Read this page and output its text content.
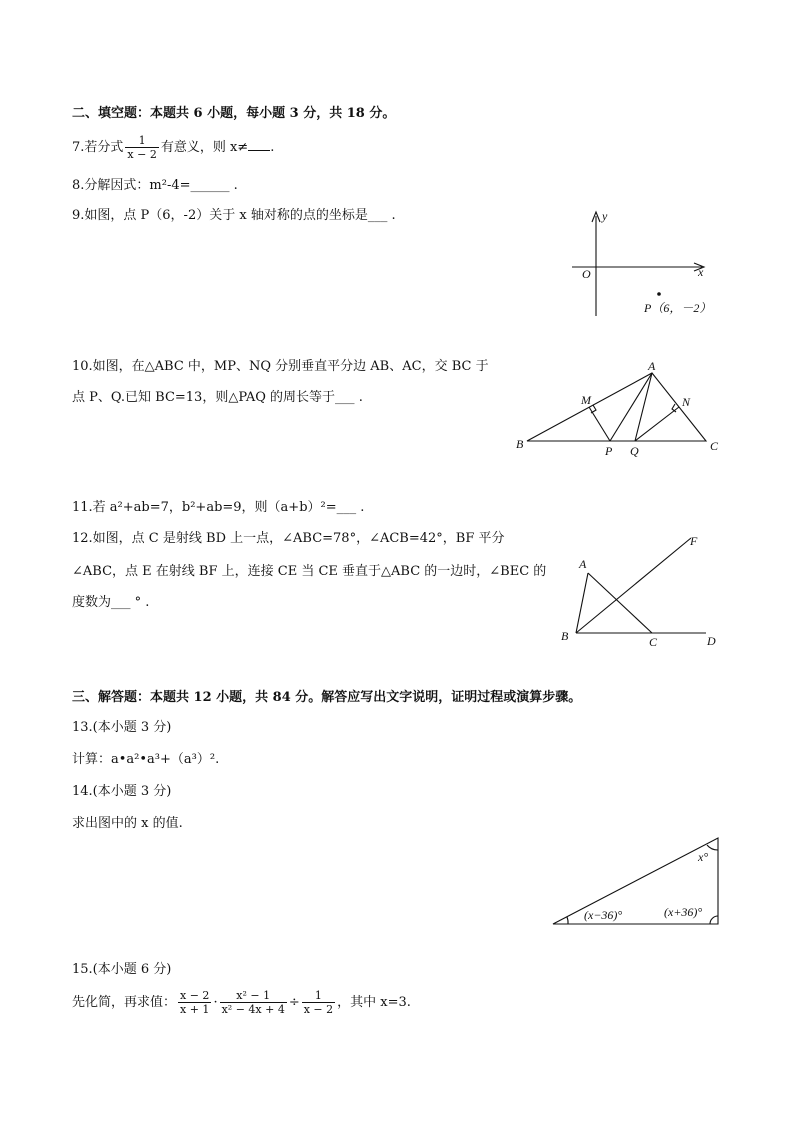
二、填空题：本题共 6 小题，每小题 3 分，共 18 分。
7.若分式 $\frac{1}{x - 2}$ 有意义，则 x≠ .
8.分解因式：m²-4=______ .
9.如图，点 P（6，-2）关于 x 轴对称的点的坐标是___ .	y
x
O
P（6，－2）
10.如图，在△ABC 中，MP、NQ 分别垂直平分边 AB、AC，交 BC 于
点 P、Q.已知 BC=13，则△PAQ 的周长等于___ .
A
B	C
M	N
P Q
11.若 a²+ab=7，b²+ab=9，则（a+b）²=___ .
12.如图，点 C 是射线 BD 上一点，∠ABC=78°，∠ACB=42°，BF 平分
∠ABC，点 E 在射线 BF 上，连接 CE 当 CE 垂直于△ABC 的一边时，∠BEC 的
度数为___ ° .
A
B	C	D
F
三、解答题：本题共 12 小题，共 84 分。解答应写出文字说明，证明过程或演算步骤。
13.(本小题 3 分)
计算：a•a²•a³+（a³）².
14.(本小题 3 分)
求出图中的 x 的值.
x°
(x−36)°	(x+36)°
15.(本小题 6 分)
先化简，再求值： $\frac{x - 2}{x + 1} \cdot \frac{\text{x² − 1}}{\text{x² − 4x + 4}} \div \frac{1}{x - 2}$ ，其中 x=3.
